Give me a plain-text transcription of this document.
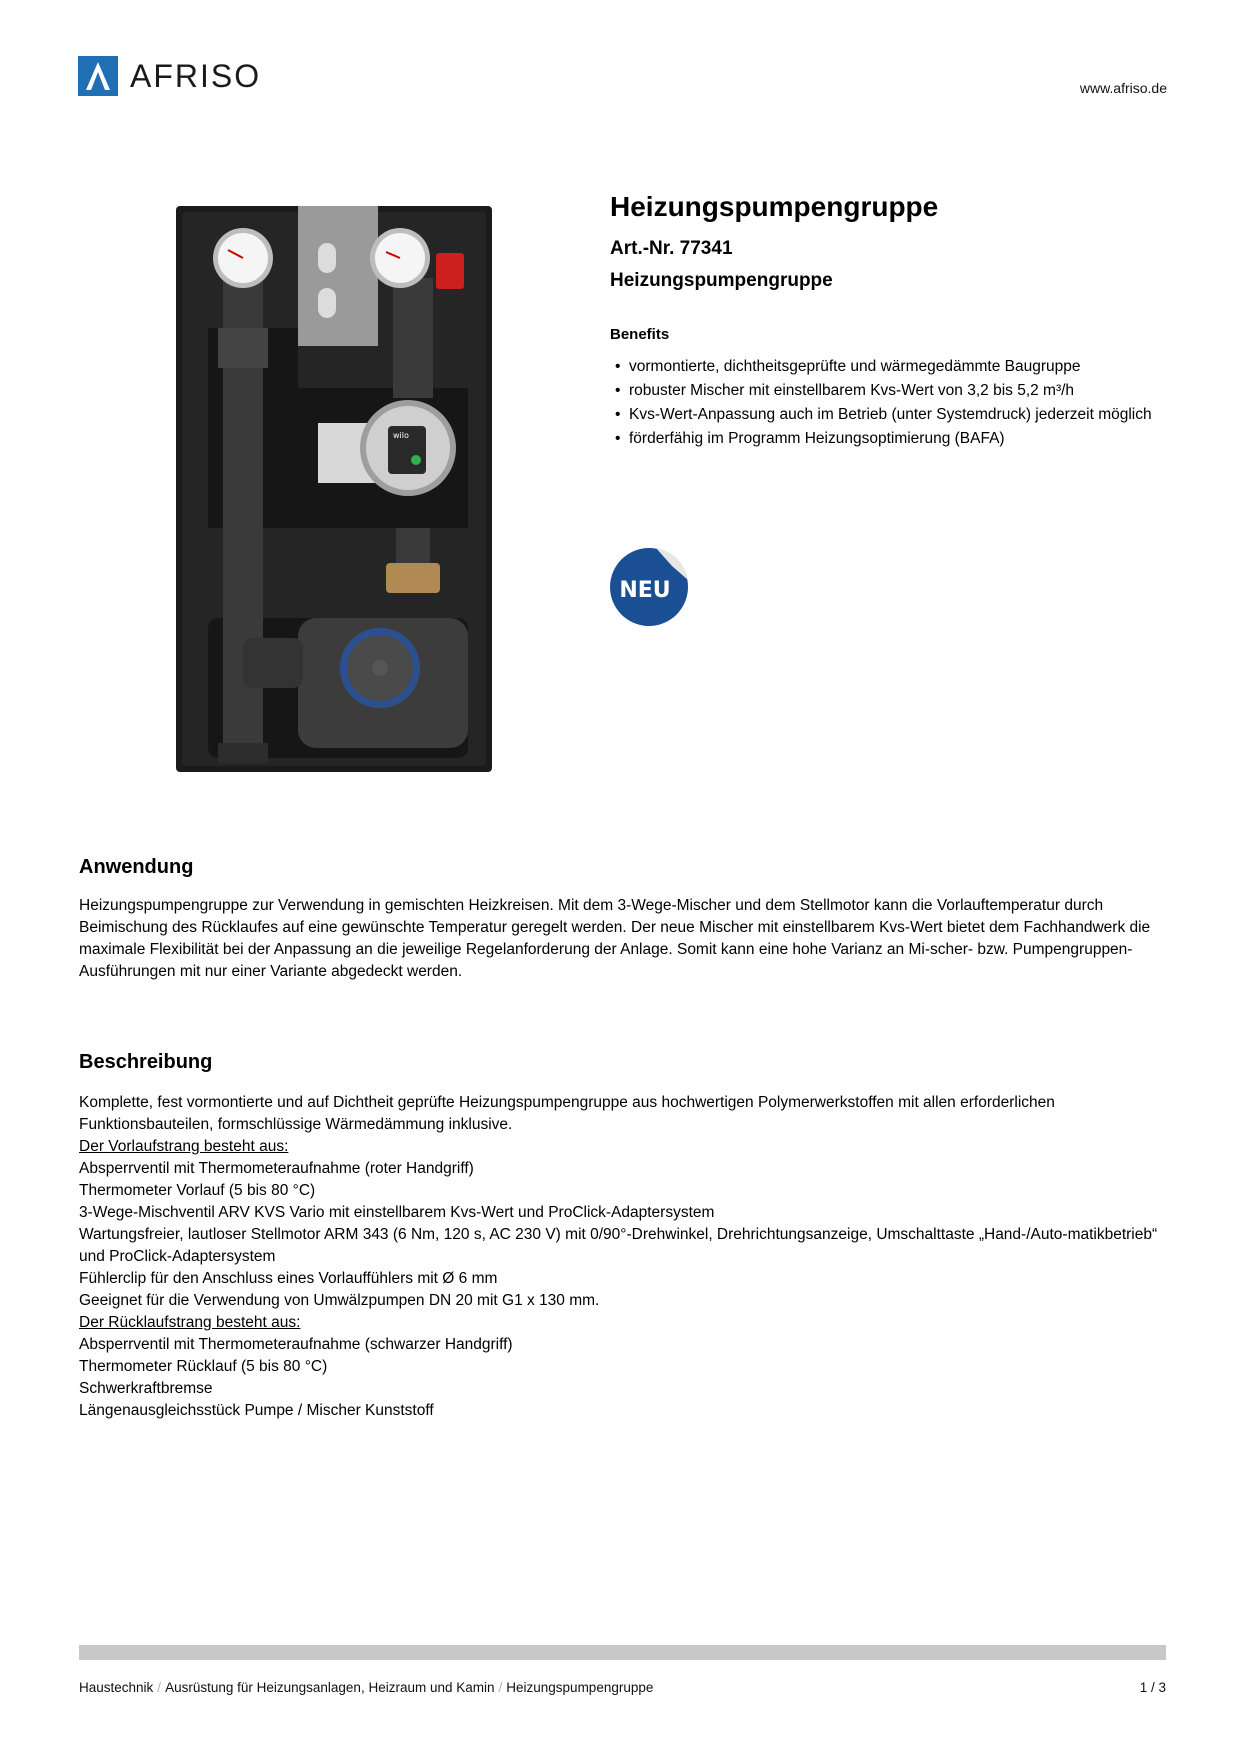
AFRISO	www.afriso.de
wilo
Heizungspumpengruppe
Art.-Nr. 77341
Heizungspumpengruppe
Benefits
• vormontierte, dichtheitsgeprüfte und wärmegedämmte Baugruppe
• robuster Mischer mit einstellbarem Kvs-Wert von 3,2 bis 5,2 m³/h
• Kvs-Wert-Anpassung auch im Betrieb (unter Systemdruck) jederzeit möglich
• förderfähig im Programm Heizungsoptimierung (BAFA)
NEU
Anwendung

Heizungspumpengruppe zur Verwendung in gemischten Heizkreisen. Mit dem 3-Wege-Mischer und dem Stellmotor kann die Vorlauftemperatur durch Beimischung des Rücklaufes auf eine gewünschte Temperatur geregelt werden. Der neue Mischer mit einstellbarem Kvs-Wert bietet dem Fachhandwerk die maximale Flexibilität bei der Anpassung an die jeweilige Regelanforderung der Anlage. Somit kann eine hohe Varianz an Mi-scher- bzw. Pumpengruppen-Ausführungen mit nur einer Variante abgedeckt werden.

Beschreibung

Komplette, fest vormontierte und auf Dichtheit geprüfte Heizungspumpengruppe aus hochwertigen Polymerwerkstoffen mit allen erforderlichen Funktionsbauteilen, formschlüssige Wärmedämmung inklusive.

Der Vorlaufstrang besteht aus:

Absperrventil mit Thermometeraufnahme (roter Handgriff)

Thermometer Vorlauf (5 bis 80 °C)

3-Wege-Mischventil ARV KVS Vario mit einstellbarem Kvs-Wert und ProClick-Adaptersystem

Wartungsfreier, lautloser Stellmotor ARM 343 (6 Nm, 120 s, AC 230 V) mit 0/90°-Drehwinkel, Drehrichtungsanzeige, Umschalttaste „Hand-/Auto-matikbetrieb“ und ProClick-Adaptersystem

Fühlerclip für den Anschluss eines Vorlauffühlers mit Ø 6 mm

Geeignet für die Verwendung von Umwälzpumpen DN 20 mit G1 x 130 mm.

Der Rücklaufstrang besteht aus:

Absperrventil mit Thermometeraufnahme (schwarzer Handgriff)

Thermometer Rücklauf (5 bis 80 °C)

Schwerkraftbremse

Längenausgleichsstück Pumpe / Mischer Kunststoff

Haustechnik / Ausrüstung für Heizungsanlagen, Heizraum und Kamin / Heizungspumpengruppe	1 / 3
